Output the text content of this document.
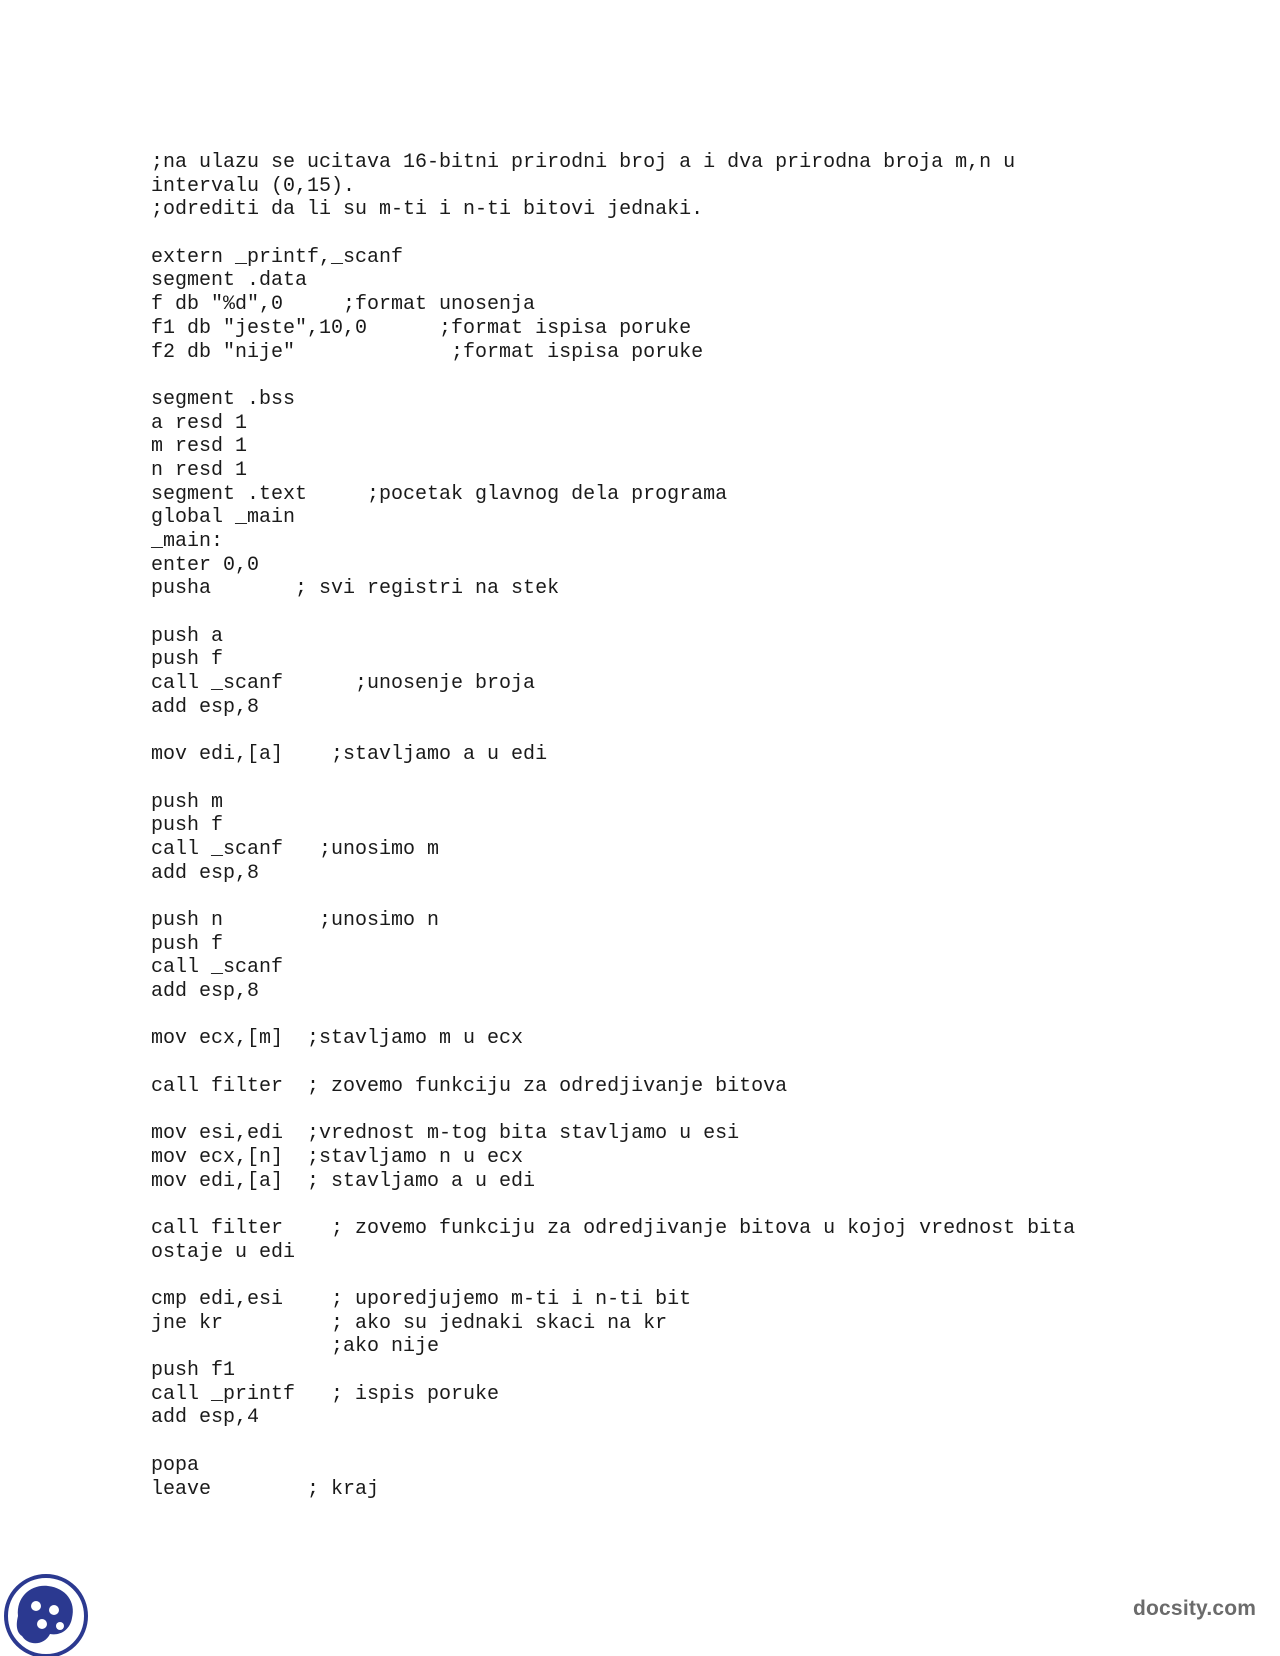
;na ulazu se ucitava 16-bitni prirodni broj a i dva prirodna broja m,n u
intervalu (0,15).
;odrediti da li su m-ti i n-ti bitovi jednaki.
extern _printf,_scanf
segment .data
f db "%d",0     ;format unosenja
f1 db "jeste",10,0      ;format ispisa poruke
f2 db "nije"             ;format ispisa poruke
segment .bss
a resd 1
m resd 1
n resd 1
segment .text     ;pocetak glavnog dela programa
global _main
_main:
enter 0,0
pusha       ; svi registri na stek
push a
push f
call _scanf      ;unosenje broja
add esp,8
mov edi,[a]    ;stavljamo a u edi
push m
push f
call _scanf   ;unosimo m
add esp,8
push n        ;unosimo n
push f
call _scanf
add esp,8
mov ecx,[m]  ;stavljamo m u ecx
call filter  ; zovemo funkciju za odredjivanje bitova
mov esi,edi  ;vrednost m-tog bita stavljamo u esi
mov ecx,[n]  ;stavljamo n u ecx
mov edi,[a]  ; stavljamo a u edi
call filter    ; zovemo funkciju za odredjivanje bitova u kojoj vrednost bita
ostaje u edi
cmp edi,esi    ; uporedjujemo m-ti i n-ti bit
jne kr         ; ako su jednaki skaci na kr
;ako nije
push f1
call _printf   ; ispis poruke
add esp,4
popa
leave        ; kraj
docsity.com
